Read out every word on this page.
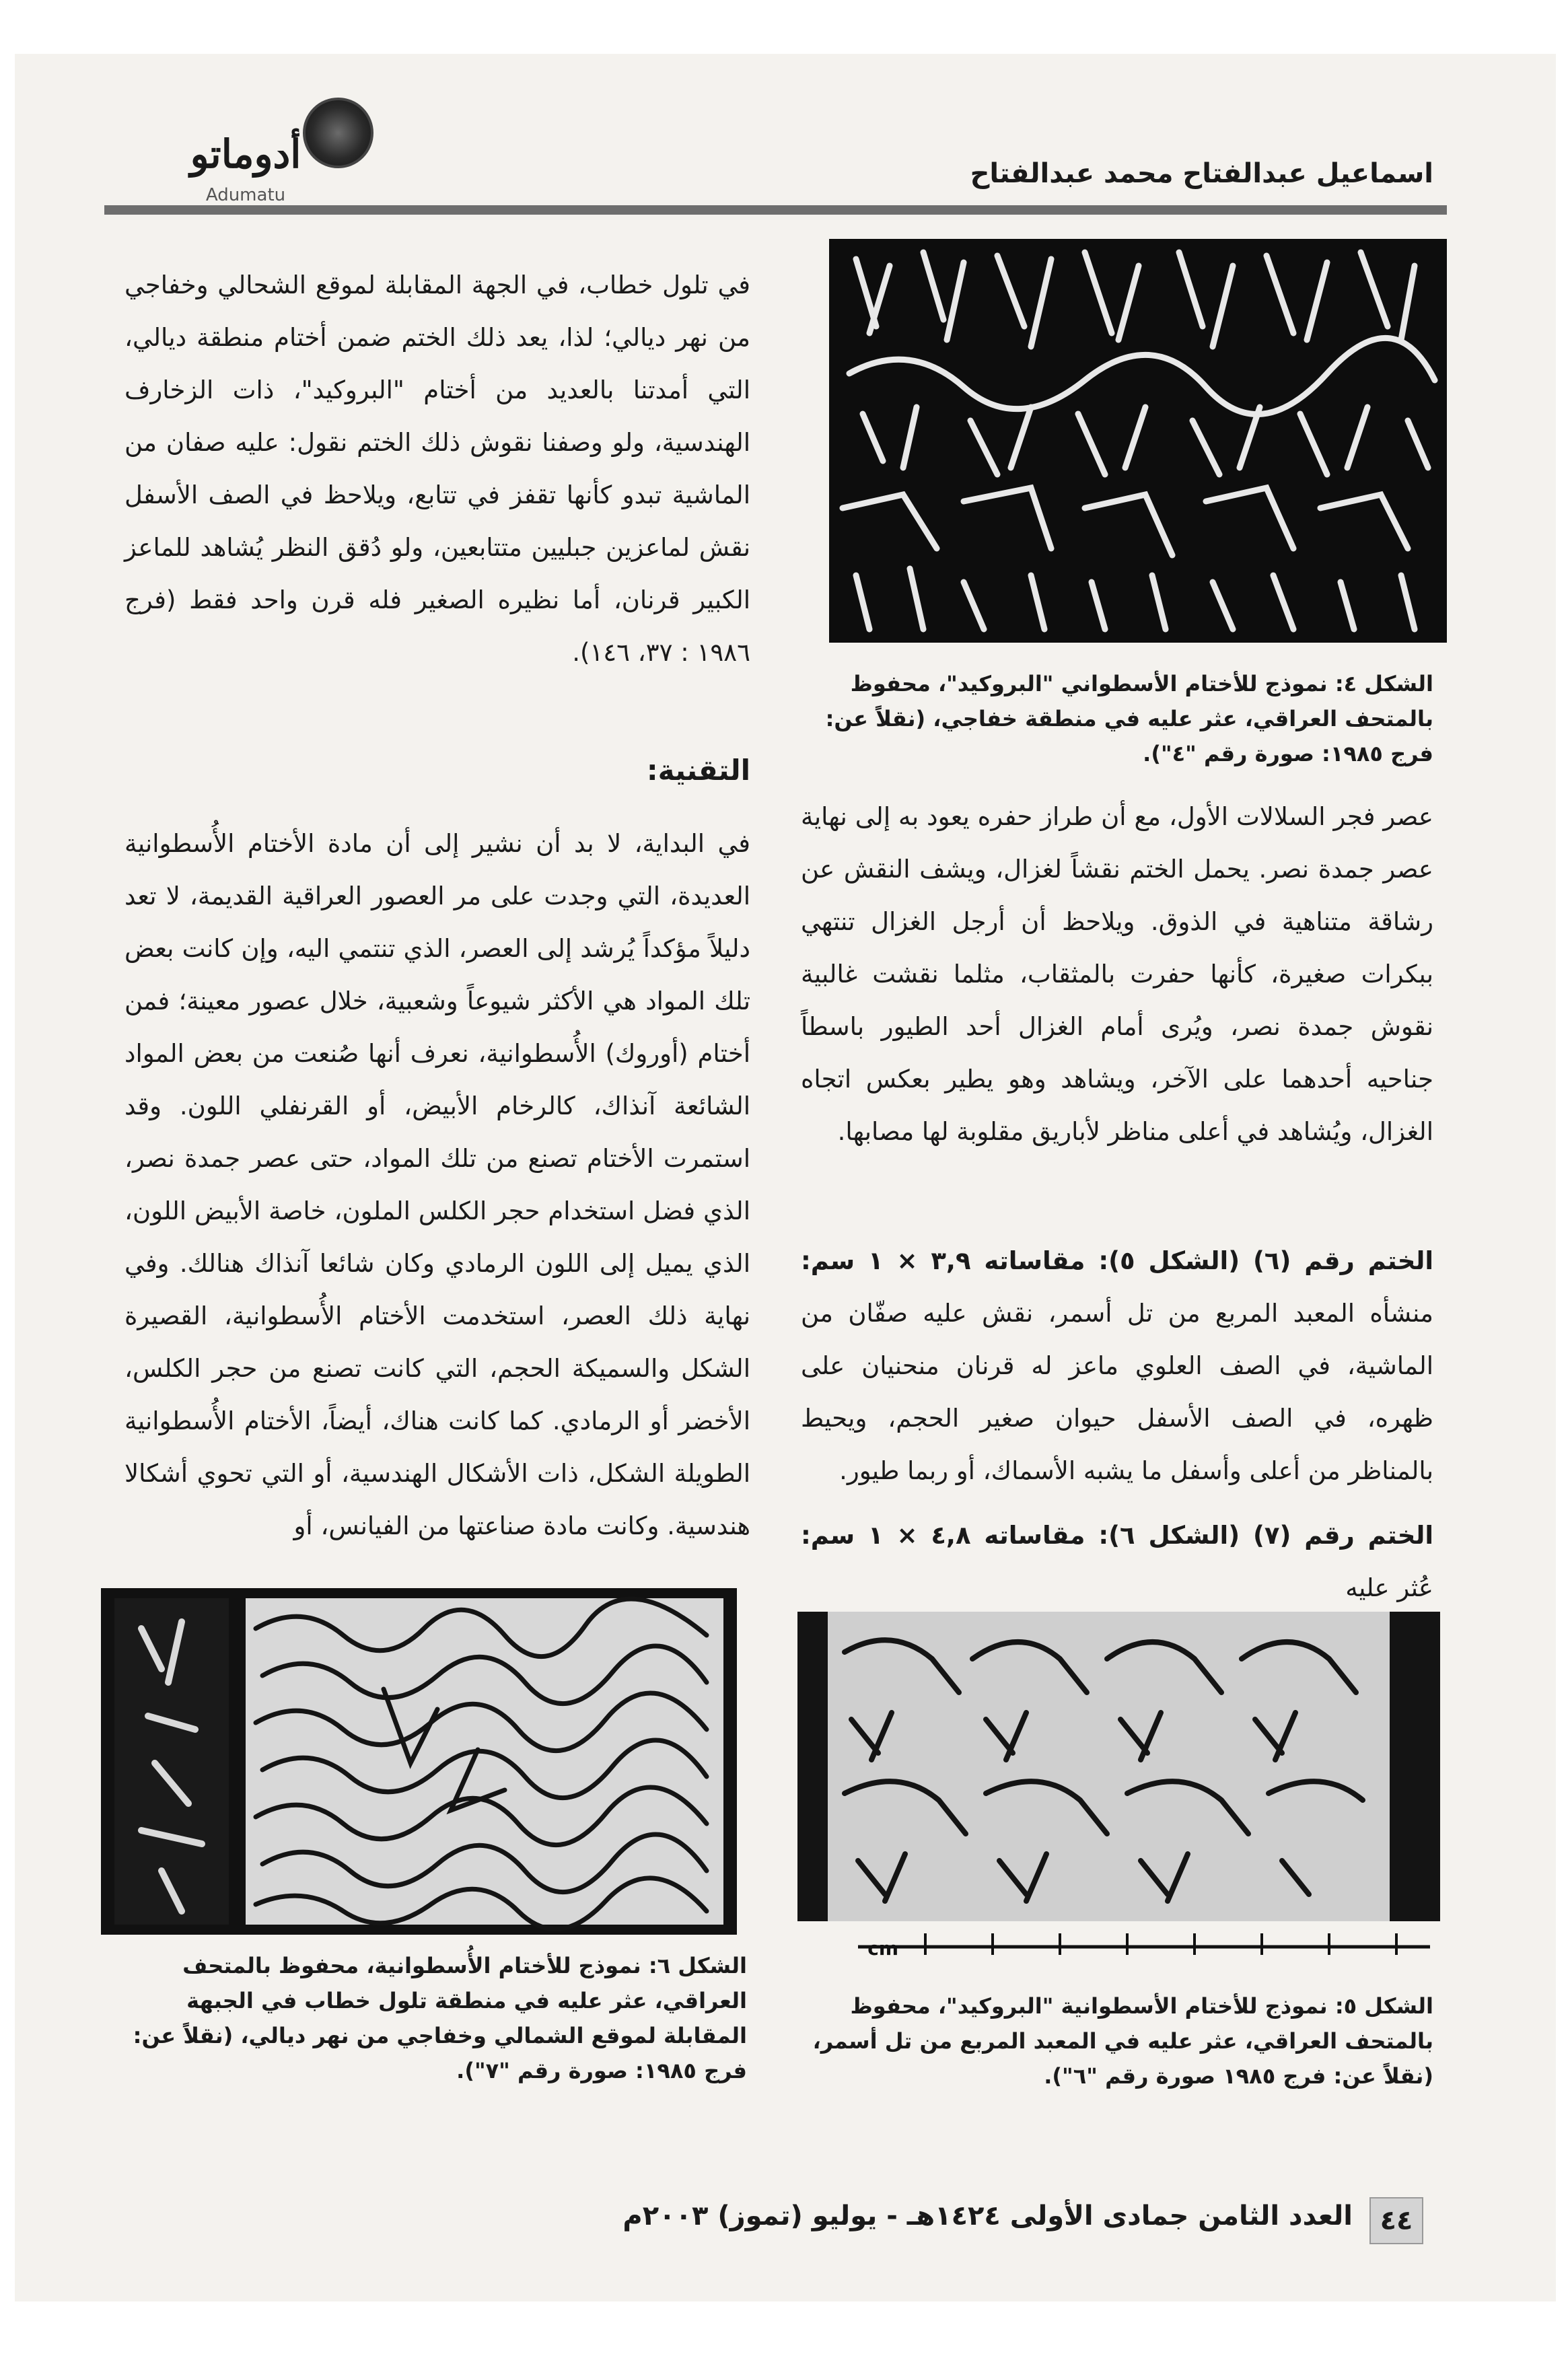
أدوماتو
Adumatu
اسماعيل عبدالفتاح محمد عبدالفتاح
الشكل ٤: نموذج للأختام الأسطواني "البروكيد"، محفوظ بالمتحف العراقي، عثر عليه في منطقة خفاجي، (نقلاً عن: فرج ١٩٨٥: صورة رقم "٤").
في تلول خطاب، في الجهة المقابلة لموقع الشحالي وخفاجي من نهر ديالي؛ لذا، يعد ذلك الختم ضمن أختام منطقة ديالي، التي أمدتنا بالعديد من أختام "البروكيد"، ذات الزخارف الهندسية، ولو وصفنا نقوش ذلك الختم نقول: عليه صفان من الماشية تبدو كأنها تقفز في تتابع، ويلاحظ في الصف الأسفل نقش لماعزين جبليين متتابعين، ولو دُقق النظر يُشاهد للماعز الكبير قرنان، أما نظيره الصغير فله قرن واحد فقط (فرج ١٩٨٦ : ٣٧، ١٤٦).
التقنية:
في البداية، لا بد أن نشير إلى أن مادة الأختام الأُسطوانية العديدة، التي وجدت على مر العصور العراقية القديمة، لا تعد دليلاً مؤكداً يُرشد إلى العصر، الذي تنتمي اليه، وإن كانت بعض تلك المواد هي الأكثر شيوعاً وشعبية، خلال عصور معينة؛ فمن أختام (أوروك) الأُسطوانية، نعرف أنها صُنعت من بعض المواد الشائعة آنذاك، كالرخام الأبيض، أو القرنفلي اللون. وقد استمرت الأختام تصنع من تلك المواد، حتى عصر جمدة نصر، الذي فضل استخدام حجر الكلس الملون، خاصة الأبيض اللون، الذي يميل إلى اللون الرمادي وكان شائعا آنذاك هنالك. وفي نهاية ذلك العصر، استخدمت الأختام الأُسطوانية، القصيرة الشكل والسميكة الحجم، التي كانت تصنع من حجر الكلس، الأخضر أو الرمادي. كما كانت هناك، أيضاً، الأختام الأُسطوانية الطويلة الشكل، ذات الأشكال الهندسية، أو التي تحوي أشكالا هندسية. وكانت مادة صناعتها من الفيانس، أو
عصر فجر السلالات الأول، مع أن طراز حفره يعود به إلى نهاية عصر جمدة نصر. يحمل الختم نقشاً لغزال، ويشف النقش عن رشاقة متناهية في الذوق. ويلاحظ أن أرجل الغزال تنتهي ببكرات صغيرة، كأنها حفرت بالمثقاب، مثلما نقشت غالبية نقوش جمدة نصر، ويُرى أمام الغزال أحد الطيور باسطاً جناحيه أحدهما على الآخر، ويشاهد وهو يطير بعكس اتجاه الغزال، ويُشاهد في أعلى مناظر لأباريق مقلوبة لها مصابها.

الختم رقم (٦) (الشكل ٥): مقاساته ٣,٩ × ١ سم: منشأه المعبد المربع من تل أسمر، نقش عليه صفّان من الماشية، في الصف العلوي ماعز له قرنان منحنيان على ظهره، في الصف الأسفل حيوان صغير الحجم، ويحيط بالمناظر من أعلى وأسفل ما يشبه الأسماك، أو ربما طيور.

الختم رقم (٧) (الشكل ٦): مقاساته ٤,٨ × ١ سم: عُثر عليه

الشكل ٦: نموذج للأختام الأُسطوانية، محفوظ بالمتحف العراقي، عثر عليه في منطقة تلول خطاب في الجبهة المقابلة لموقع الشمالي وخفاجي من نهر ديالي، (نقلاً عن: فرج ١٩٨٥: صورة رقم "٧").
cm
الشكل ٥: نموذج للأختام الأسطوانية "البروكيد"، محفوظ بالمتحف العراقي، عثر عليه في المعبد المربع من تل أسمر، (نقلاً عن: فرج ١٩٨٥ صورة رقم "٦").
٤٤
العدد الثامن جمادى الأولى ١٤٢٤هـ - يوليو (تموز) ٢٠٠٣م
